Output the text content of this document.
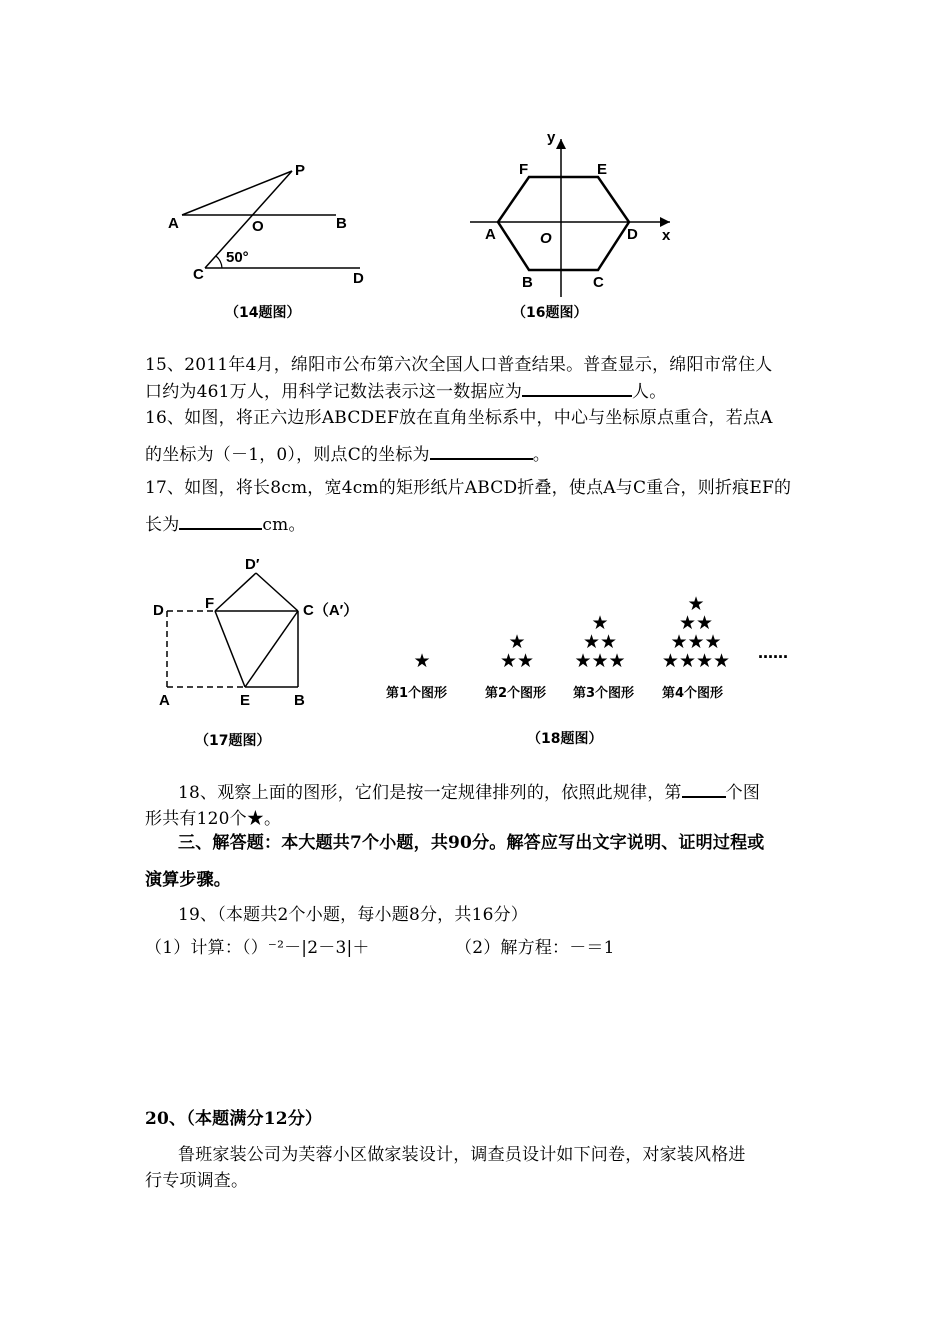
P
A	O	B
C	D
50°
（14题图）
y
x
F	E
A	O	D
B	C
（16题图）
15、2011年4月，绵阳市公布第六次全国人口普查结果。普查显示，绵阳市常住人
口约为461万人，用科学记数法表示这一数据应为	人。
16、如图，将正六边形ABCDEF放在直角坐标系中，中心与坐标原点重合，若点A
的坐标为（－1，0），则点C的坐标为	。
17、如图，将长8cm，宽4cm的矩形纸片ABCD折叠，使点A与C重合，则折痕EF的
长为	cm。
D′
D	F	C（A′）
A	E	B
（17题图）
★
第1个图形
★
★★
第2个图形
★
★★
★★★
第3个图形
★
★★
★★★
★★★★
第4个图形
……
（18题图）
18、观察上面的图形，它们是按一定规律排列的，依照此规律，第	个图
形共有120个★。
三、解答题：本大题共7个小题，共90分。解答应写出文字说明、证明过程或
演算步骤。
19、（本题共2个小题，每小题8分，共16分）
（1）计算：（）⁻²－|2－3|＋	（2）解方程：－＝1
20、（本题满分12分）
鲁班家装公司为芙蓉小区做家装设计，调查员设计如下问卷，对家装风格进
行专项调查。
